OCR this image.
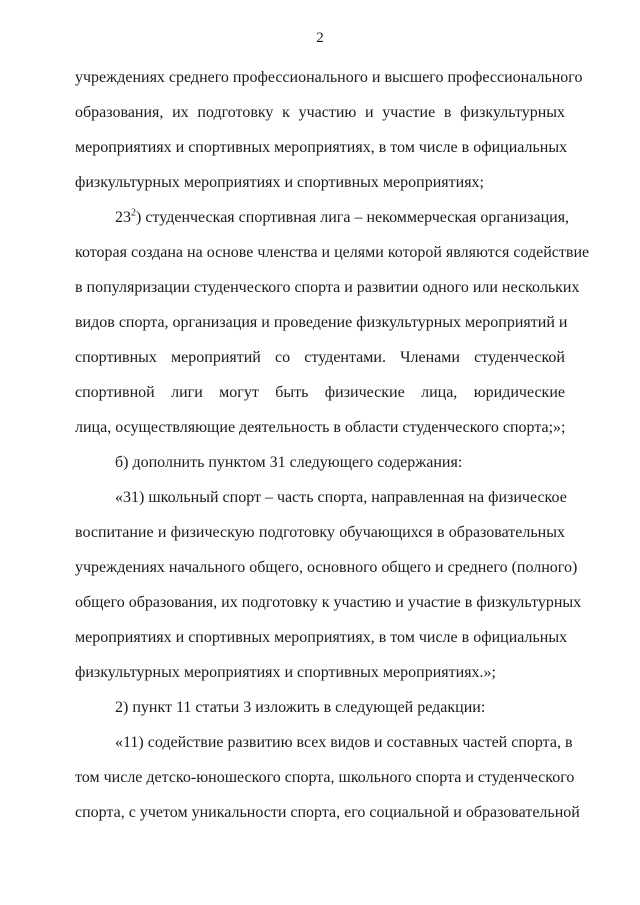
2
учреждениях среднего профессионального и высшего профессионального
образования, их подготовку к участию и участие в физкультурных
мероприятиях и спортивных мероприятиях, в том числе в официальных
физкультурных мероприятиях и спортивных мероприятиях;
$23^2$) студенческая спортивная лига – некоммерческая организация,
которая создана на основе членства и целями которой являются содействие
в популяризации студенческого спорта и развитии одного или нескольких
видов спорта, организация и проведение физкультурных мероприятий и
спортивных мероприятий со студентами. Членами студенческой
спортивной лиги могут быть физические лица, юридические
лица, осуществляющие деятельность в области студенческого спорта;»;
б) дополнить пунктом 31 следующего содержания:
«31) школьный спорт – часть спорта, направленная на физическое
воспитание и физическую подготовку обучающихся в образовательных
учреждениях начального общего, основного общего и среднего (полного)
общего образования, их подготовку к участию и участие в физкультурных
мероприятиях и спортивных мероприятиях, в том числе в официальных
физкультурных мероприятиях и спортивных мероприятиях.»;
2) пункт 11 статьи 3 изложить в следующей редакции:
«11) содействие развитию всех видов и составных частей спорта, в
том числе детско-юношеского спорта, школьного спорта и студенческого
спорта, с учетом уникальности спорта, его социальной и образовательной
